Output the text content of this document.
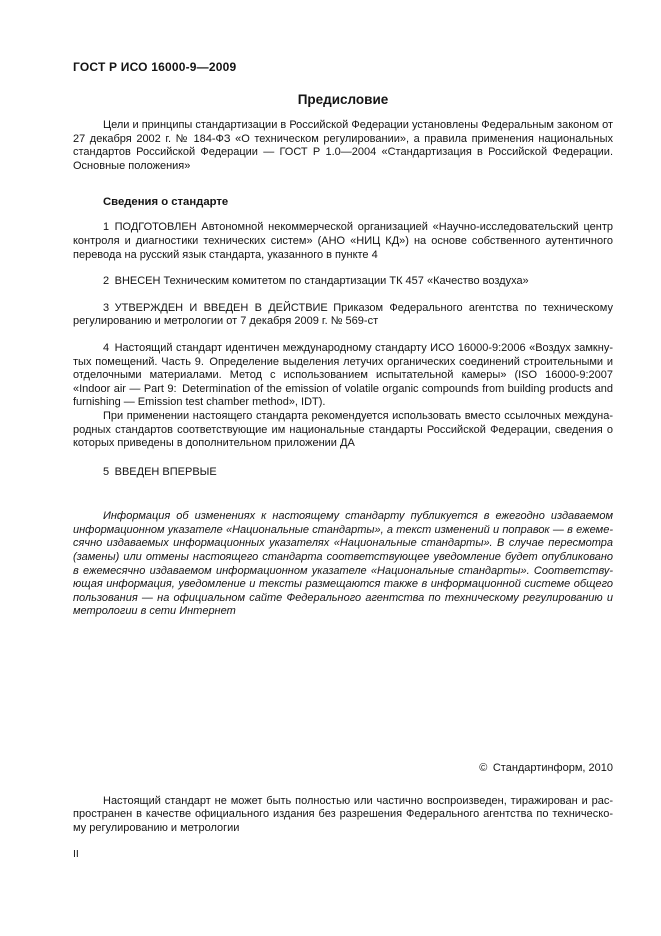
ГОСТ Р ИСО 16000-9—2009
Предисловие

Цели и принципы стандартизации в Российской Федерации установлены Федеральным законом от 27 декабря 2002 г. № 184-ФЗ «О техническом регулировании», а правила применения национальных стандартов Российской Федерации — ГОСТ Р 1.0—2004 «Стандартизация в Российской Федерации. Основные положения»

Сведения о стандарте

1 ПОДГОТОВЛЕН Автономной некоммерческой организацией «Научно-исследовательский центр контроля и диагностики технических систем» (АНО «НИЦ КД») на основе собственного аутентичного перевода на русский язык стандарта, указанного в пункте 4

2 ВНЕСЕН Техническим комитетом по стандартизации ТК 457 «Качество воздуха»

3 УТВЕРЖДЕН И ВВЕДЕН В ДЕЙСТВИЕ Приказом Федерального агентства по техническому регулированию и метрологии от 7 декабря 2009 г. № 569-ст

4 Настоящий стандарт идентичен международному стандарту ИСО 16000-9:2006 «Воздух замкнутых помещений. Часть 9. Определение выделения летучих органических соединений строительными и отделочными материалами. Метод с использованием испытательной камеры» (ISO 16000-9:2007 «Indoor air — Part 9: Determination of the emission of volatile organic compounds from building products and furnishing — Emission test chamber method», IDT).

При применении настоящего стандарта рекомендуется использовать вместо ссылочных международных стандартов соответствующие им национальные стандарты Российской Федерации, сведения о которых приведены в дополнительном приложении ДА

5 ВВЕДЕН ВПЕРВЫЕ

Информация об изменениях к настоящему стандарту публикуется в ежегодно издаваемом информационном указателе «Национальные стандарты», а текст изменений и поправок — в ежемесячно издаваемых информационных указателях «Национальные стандарты». В случае пересмотра (замены) или отмены настоящего стандарта соответствующее уведомление будет опубликовано в ежемесячно издаваемом информационном указателе «Национальные стандарты». Соответствующая информация, уведомление и тексты размещаются также в информационной системе общего пользования — на официальном сайте Федерального агентства по техническому регулированию и метрологии в сети Интернет

© Стандартинформ, 2010

Настоящий стандарт не может быть полностью или частично воспроизведен, тиражирован и распространен в качестве официального издания без разрешения Федерального агентства по техническому регулированию и метрологии

II
